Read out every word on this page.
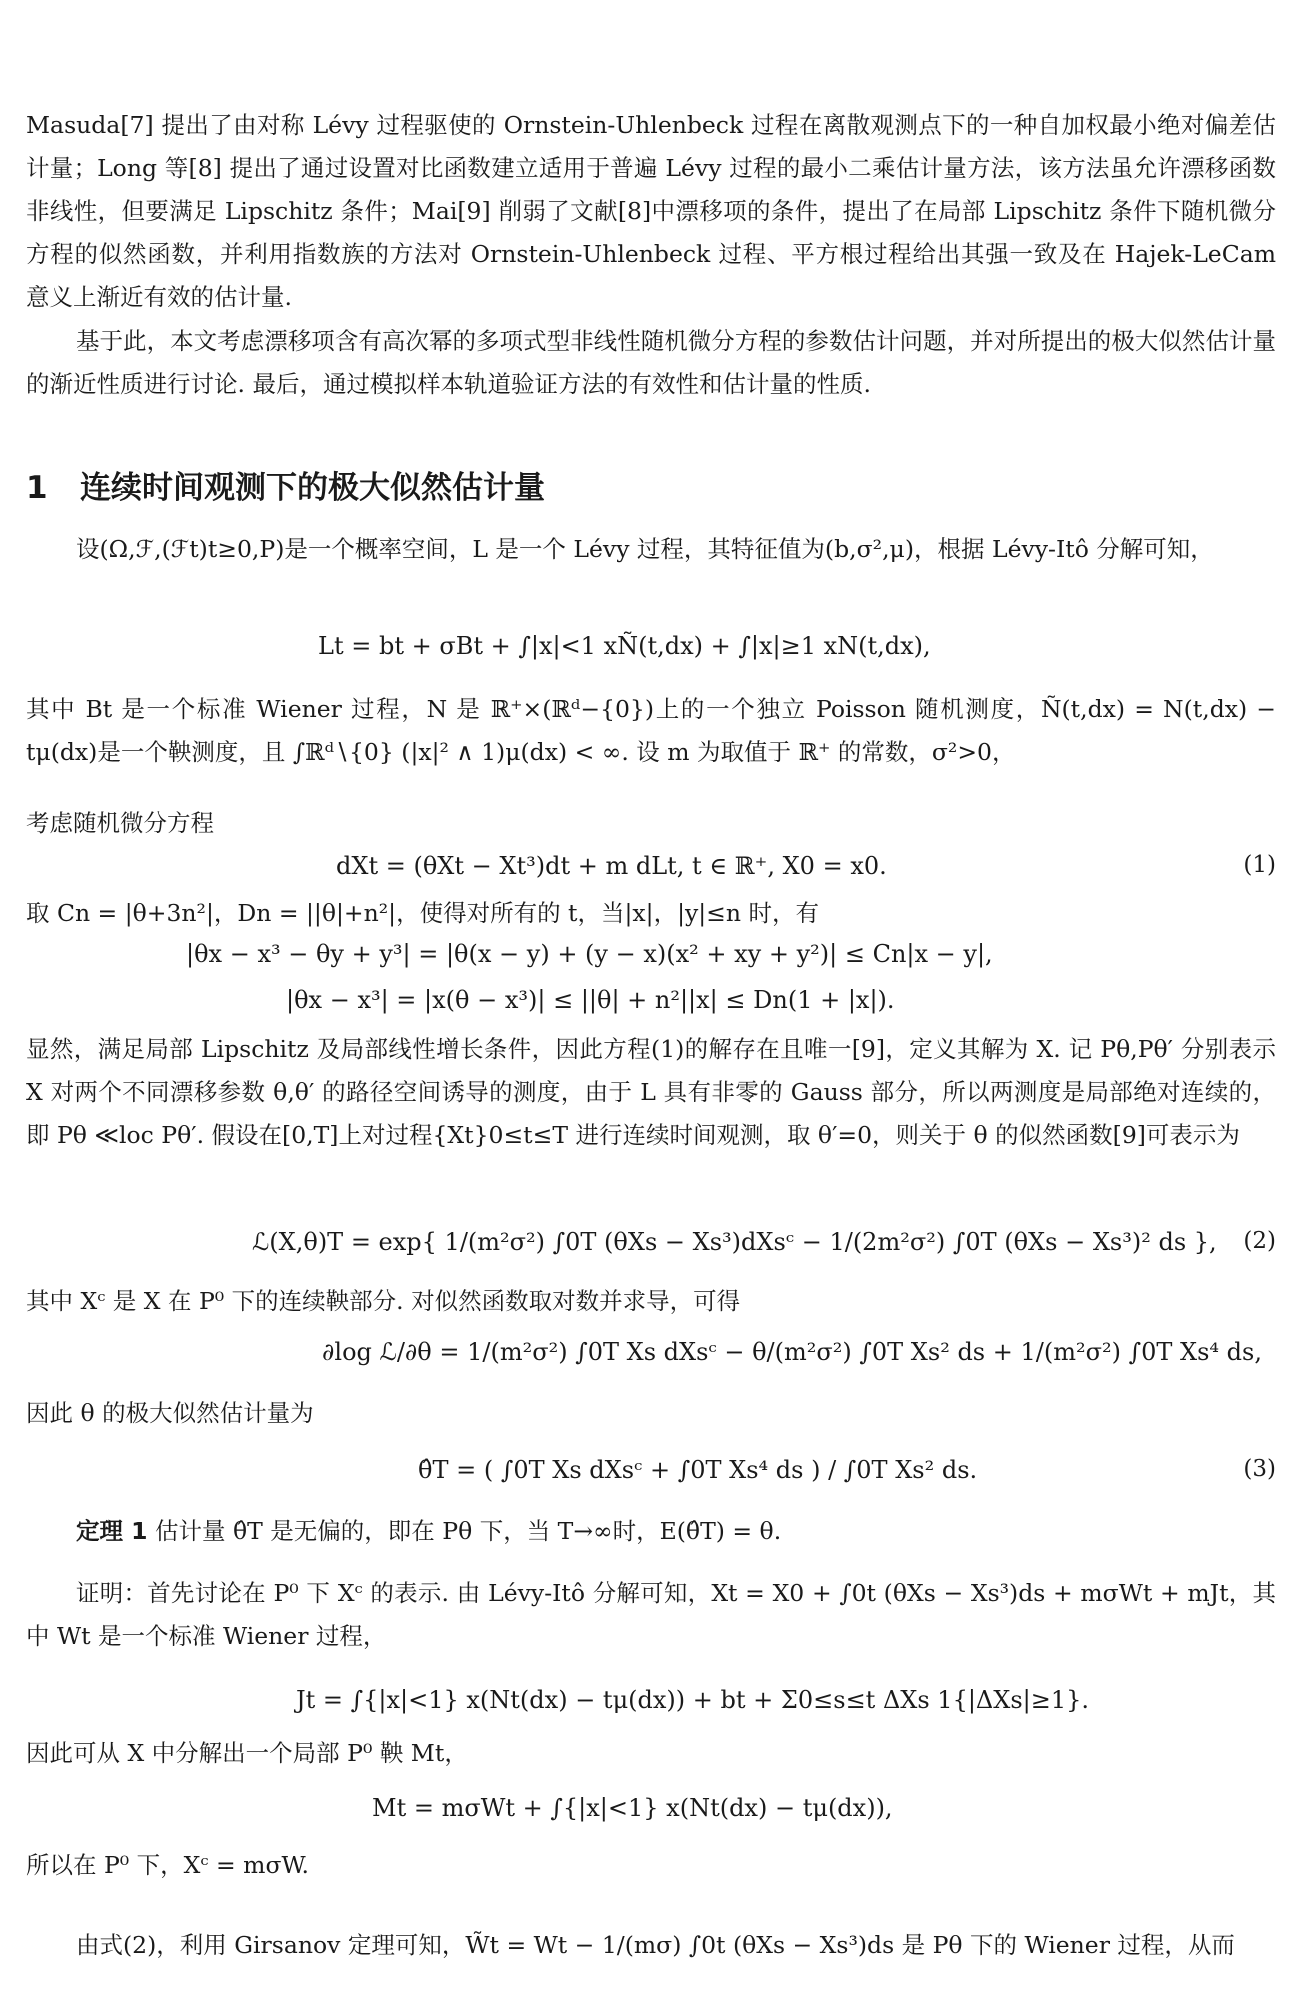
Masuda[7] 提出了由对称 Lévy 过程驱使的 Ornstein-Uhlenbeck 过程在离散观测点下的一种自加权最小绝对偏差估计量；Long 等[8] 提出了通过设置对比函数建立适用于普遍 Lévy 过程的最小二乘估计量方法，该方法虽允许漂移函数非线性，但要满足 Lipschitz 条件；Mai[9] 削弱了文献[8]中漂移项的条件，提出了在局部 Lipschitz 条件下随机微分方程的似然函数，并利用指数族的方法对 Ornstein-Uhlenbeck 过程、平方根过程给出其强一致及在 Hajek-LeCam 意义上渐近有效的估计量.
基于此，本文考虑漂移项含有高次幂的多项式型非线性随机微分方程的参数估计问题，并对所提出的极大似然估计量的渐近性质进行讨论. 最后，通过模拟样本轨道验证方法的有效性和估计量的性质.
1 连续时间观测下的极大似然估计量
设(Ω,ℱ,(ℱt)t≥0,P)是一个概率空间，L 是一个 Lévy 过程，其特征值为(b,σ²,μ)，根据 Lévy-Itô 分解可知，
Lt = bt + σBt + ∫|x|<1 xÑ(t,dx) + ∫|x|≥1 xN(t,dx),
其中 Bt 是一个标准 Wiener 过程，N 是 ℝ⁺×(ℝᵈ−{0})上的一个独立 Poisson 随机测度，Ñ(t,dx) = N(t,dx) − tμ(dx)是一个鞅测度，且 ∫ℝᵈ∖{0} (|x|² ∧ 1)μ(dx) < ∞. 设 m 为取值于 ℝ⁺ 的常数，σ²>0，
考虑随机微分方程
dXt = (θXt − Xt³)dt + m dLt, t ∈ ℝ⁺, X0 = x0.	(1)
取 Cn = |θ+3n²|，Dn = ||θ|+n²|，使得对所有的 t，当|x|，|y|≤n 时，有
|θx − x³ − θy + y³| = |θ(x − y) + (y − x)(x² + xy + y²)| ≤ Cn|x − y|,
|θx − x³| = |x(θ − x³)| ≤ ||θ| + n²||x| ≤ Dn(1 + |x|).
显然，满足局部 Lipschitz 及局部线性增长条件，因此方程(1)的解存在且唯一[9]，定义其解为 X. 记 Pθ,Pθ′ 分别表示 X 对两个不同漂移参数 θ,θ′ 的路径空间诱导的测度，由于 L 具有非零的 Gauss 部分，所以两测度是局部绝对连续的，即 Pθ ≪loc Pθ′. 假设在[0,T]上对过程{Xt}0≤t≤T 进行连续时间观测，取 θ′=0，则关于 θ 的似然函数[9]可表示为
ℒ(X,θ)T = exp{ 1/(m²σ²) ∫0T (θXs − Xs³)dXsᶜ − 1/(2m²σ²) ∫0T (θXs − Xs³)² ds }, (2)
其中 Xᶜ 是 X 在 P⁰ 下的连续鞅部分. 对似然函数取对数并求导，可得
∂log ℒ/∂θ = 1/(m²σ²) ∫0T Xs dXsᶜ − θ/(m²σ²) ∫0T Xs² ds + 1/(m²σ²) ∫0T Xs⁴ ds,
因此 θ 的极大似然估计量为
θ̂T = ( ∫0T Xs dXsᶜ + ∫0T Xs⁴ ds ) / ∫0T Xs² ds.	(3)
定理 1 估计量 θ̂T 是无偏的，即在 Pθ 下，当 T→∞时，E(θ̂T) = θ.
证明：首先讨论在 P⁰ 下 Xᶜ 的表示. 由 Lévy-Itô 分解可知，Xt = X0 + ∫0t (θXs − Xs³)ds + mσWt + mJt，其中 Wt 是一个标准 Wiener 过程，
Jt = ∫{|x|<1} x(Nt(dx) − tμ(dx)) + bt + Σ0≤s≤t ΔXs 1{|ΔXs|≥1}.
因此可从 X 中分解出一个局部 P⁰ 鞅 Mt，
Mt = mσWt + ∫{|x|<1} x(Nt(dx) − tμ(dx)),
所以在 P⁰ 下，Xᶜ = mσW.
由式(2)，利用 Girsanov 定理可知，W̃t = Wt − 1/(mσ) ∫0t (θXs − Xs³)ds 是 Pθ 下的 Wiener 过程，从而
